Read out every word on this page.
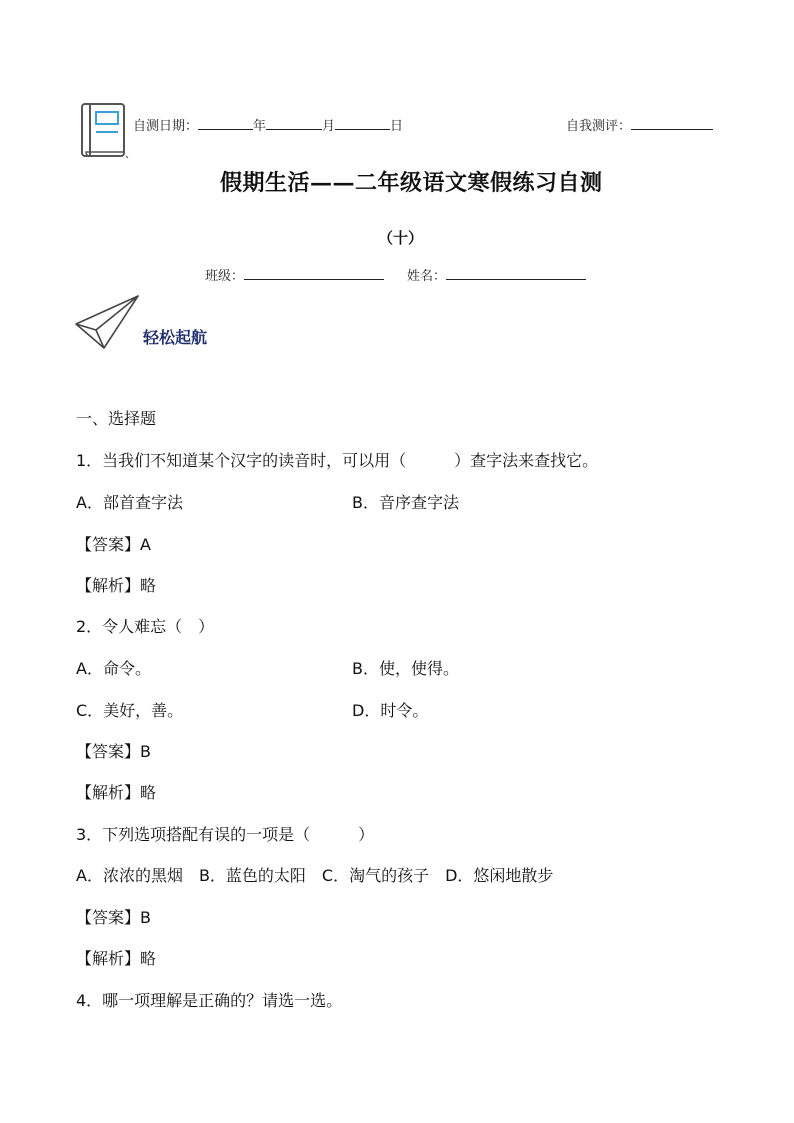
自测日期：	年	月	日	自我测评：
假期生活——二年级语文寒假练习自测
（十）
班级：	姓名：
轻松起航
一、选择题
1．当我们不知道某个汉字的读音时，可以用（　　　）查字法来查找它。
A．部首查字法	B．音序查字法
【答案】A
【解析】略
2．令人难忘（　）
A．命令。	B．使，使得。
C．美好，善。	D．时令。
【答案】B
【解析】略
3．下列选项搭配有误的一项是（　　　）
A．浓浓的黑烟　B．蓝色的太阳　C．淘气的孩子　D．悠闲地散步
【答案】B
【解析】略
4．哪一项理解是正确的？请选一选。
